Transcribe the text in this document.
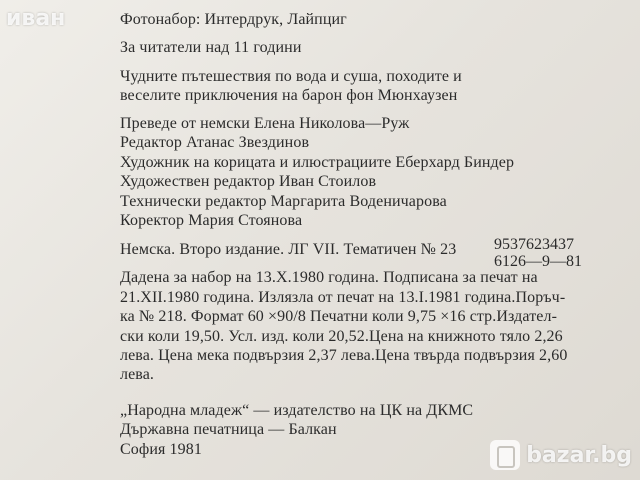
Фотонабор: Интердрук, Лайпциг
За читатели над 11 години
Чудните пътешествия по вода и суша, походите и
веселите приключения на барон фон Мюнхаузен
Преведе от немски Елена Николова—Руж
Редактор Атанас Звездинов
Художник на корицата и илюстрациите Еберхард Биндер
Художествен редактор Иван Стоилов
Технически редактор Маргарита Воденичарова
Коректор Мария Стоянова
Немска. Второ издание. ЛГ VII. Тематичен № 23 9537623437
6126—9—81
Дадена за набор на 13.X.1980 година. Подписана за печат на
21.XII.1980 година. Излязла от печат на 13.I.1981 година.Поръч-
ка № 218. Формат 60 ×90/8 Печатни коли 9,75 ×16 стр.Издател-
ски коли 19,50. Усл. изд. коли 20,52.Цена на книжното тяло 2,26
лева. Цена мека подвързия 2,37 лева.Цена твърда подвързия 2,60
лева.
„Народна младеж“ — издателство на ЦК на ДКМС
Държавна печатница — Балкан
София 1981
иван
bazar.bg
